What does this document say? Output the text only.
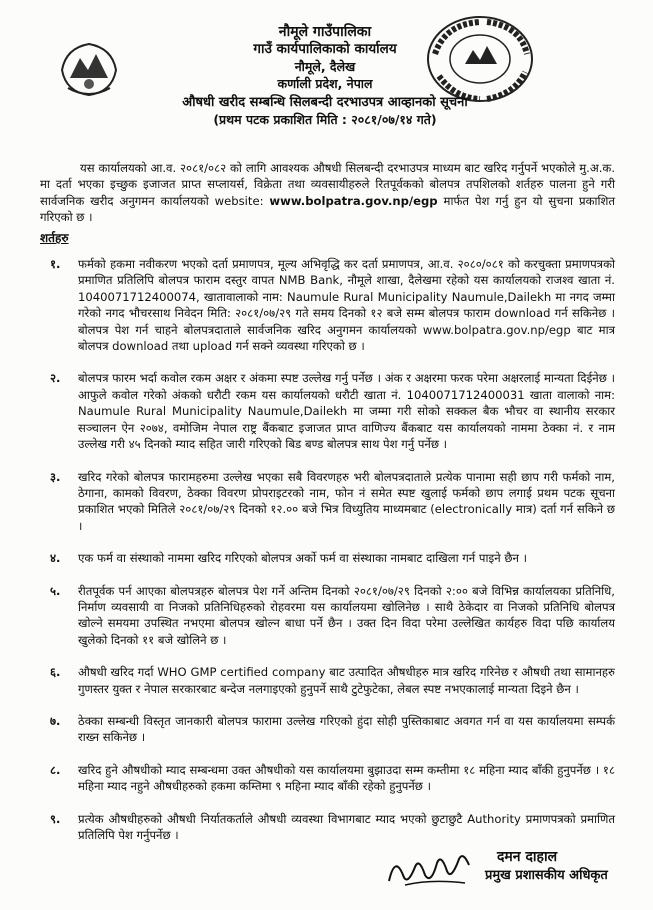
नौमूले गाउँपालिका
गाउँ कार्यपालिकाको कार्यालय
नौमूले, दैलेख
कर्णाली प्रदेश, नेपाल
औषधी खरीद सम्बन्धि सिलबन्दी दरभाउपत्र आव्हानको सूचना
(प्रथम पटक प्रकाशित मिति : २०८१/०७/१४ गते)

यस कार्यालयको आ.व. २०८१/०८२ को लागि आवश्यक औषधी सिलबन्दी दरभाउपत्र माध्यम बाट खरिद गर्नुपर्ने भएकोले मु.अ.क. मा दर्ता भएका इच्छुक इजाजत प्राप्त सप्लायर्स, विक्रेता तथा व्यवसायीहरुले रितपूर्वकको बोलपत्र तपशिलको शर्तहरु पालना हुने गरी सार्वजनिक खरीद अनुगमन कार्यालयको website: www.bolpatra.gov.np/egp मार्फत पेश गर्नु हुन यो सुचना प्रकाशित गरिएको छ ।

शर्तहरु
१.	फर्मको हकमा नवीकरण भएको दर्ता प्रमाणपत्र, मूल्य अभिवृद्धि कर दर्ता प्रमाणपत्र, आ.व. २०८०/०८१ को करचुक्ता प्रमाणपत्रको प्रमाणित प्रतिलिपि बोलपत्र फाराम दस्तुर वापत NMB Bank, नौमूले शाखा, दैलेखमा रहेको यस कार्यालयको राजश्व खाता नं. 1040071712400074, खातावालाको नाम: Naumule Rural Municipality Naumule,Dailekh मा नगद जम्मा गरेको नगद भौचरसाथ निवेदन मिति: २०८१/०७/२९ गते समय दिनको १२ बजे सम्म बोलपत्र फाराम download गर्न सकिनेछ । बोलपत्र पेश गर्न चाहने बोलपत्रदाताले सार्वजनिक खरिद अनुगमन कार्यालयको www.bolpatra.gov.np/egp बाट मात्र बोलपत्र download तथा upload गर्न सक्ने व्यवस्था गरिएको छ ।
२.	बोलपत्र फारम भर्दा कवोल रकम अक्षर र अंकमा स्पष्ट उल्लेख गर्नु पर्नेछ । अंक र अक्षरमा फरक परेमा अक्षरलाई मान्यता दिईनेछ । आफुले कवोल गरेको अंकको धरौटी रकम यस कार्यालयको धरौटी खाता नं. 1040071712400031 खाता वालाको नाम: Naumule Rural Municipality Naumule,Dailekh मा जम्मा गरी सोको सक्कल बैक भौचर वा स्थानीय सरकार सञ्चालन ऐन २०७४, वमोजिम नेपाल राष्ट्र बैंकबाट इजाजत प्राप्त वाणिज्य बैंकबाट यस कार्यालयको नाममा ठेक्का नं. र नाम उल्लेख गरी ४५ दिनको म्याद सहित जारी गरिएको बिड बण्ड बोलपत्र साथ पेश गर्नु पर्नेछ ।
३.	खरिद गरेको बोलपत्र फारामहरुमा उल्लेख भएका सबै विवरणहरु भरी बोलपत्रदाताले प्रत्येक पानामा सही छाप गरी फर्मको नाम, ठेगाना, कामको विवरण, ठेक्का विवरण प्रोपराइटरको नाम, फोन नं समेत स्पष्ट खुलाई फर्मको छाप लगाई प्रथम पटक सूचना प्रकाशित भएको मितिले २०८१/०७/२९ दिनको १२.०० बजे भित्र विध्युतिय माध्यमबाट (electronically मात्र) दर्ता गर्न सकिने छ ।
४.	एक फर्म वा संस्थाको नाममा खरिद गरिएको बोलपत्र अर्को फर्म वा संस्थाका नामबाट दाखिला गर्न पाइने छैन ।
५.	रीतपूर्वक पर्न आएका बोलपत्रहरु बोलपत्र पेश गर्ने अन्तिम दिनको २०८१/०७/२९ दिनको २:०० बजे विभिन्न कार्यालयका प्रतिनिधि, निर्माण व्यवसायी वा निजको प्रतिनिधिहरुको रोहवरमा यस कार्यालयमा खोलिनेछ । साथै ठेकेदार वा निजको प्रतिनिधि बोलपत्र खोल्ने समयमा उपस्थित नभएमा बोलपत्र खोल्न बाधा पर्ने छैन । उक्त दिन विदा परेमा उल्लेखित कार्यहरु विदा पछि कार्यालय खुलेको दिनको ११ बजे खोलिने छ ।
६.	औषधी खरिद गर्दा WHO GMP certified company बाट उत्पादित औषधीहरु मात्र खरिद गरिनेछ र औषधी तथा सामानहरु गुणस्तर युक्त र नेपाल सरकारबाट बन्देज नलगाइएको हुनुपर्ने साथै टुटेफुटेका, लेबल स्पष्ट नभएकालाई मान्यता दिइने छैन ।
७.	ठेक्का सम्बन्धी विस्तृत जानकारी बोलपत्र फारामा उल्लेख गरिएको हुंदा सोही पुस्तिकाबाट अवगत गर्न वा यस कार्यालयमा सम्पर्क राख्न सकिनेछ ।
८.	खरिद हुने औषधीको म्याद सम्बन्धमा उक्त औषधीको यस कार्यालयमा बुझाउदा सम्म कम्तीमा १८ महिना म्याद बाँकी हुनुपर्नेछ । १८ महिना म्याद नहुने औषधीहरुको हकमा कम्तिमा ९ महिना म्याद बाँकी रहेको हुनुपर्नेछ ।
९.	प्रत्येक औषधीहरुको औषधी निर्यातकर्ताले औषधी व्यवस्था विभागबाट म्याद भएको छुटाछुटै Authority प्रमाणपत्रको प्रमाणित प्रतिलिपि पेश गर्नुपर्नेछ ।
दमन दाहाल
प्रमुख प्रशासकीय अधिकृत
